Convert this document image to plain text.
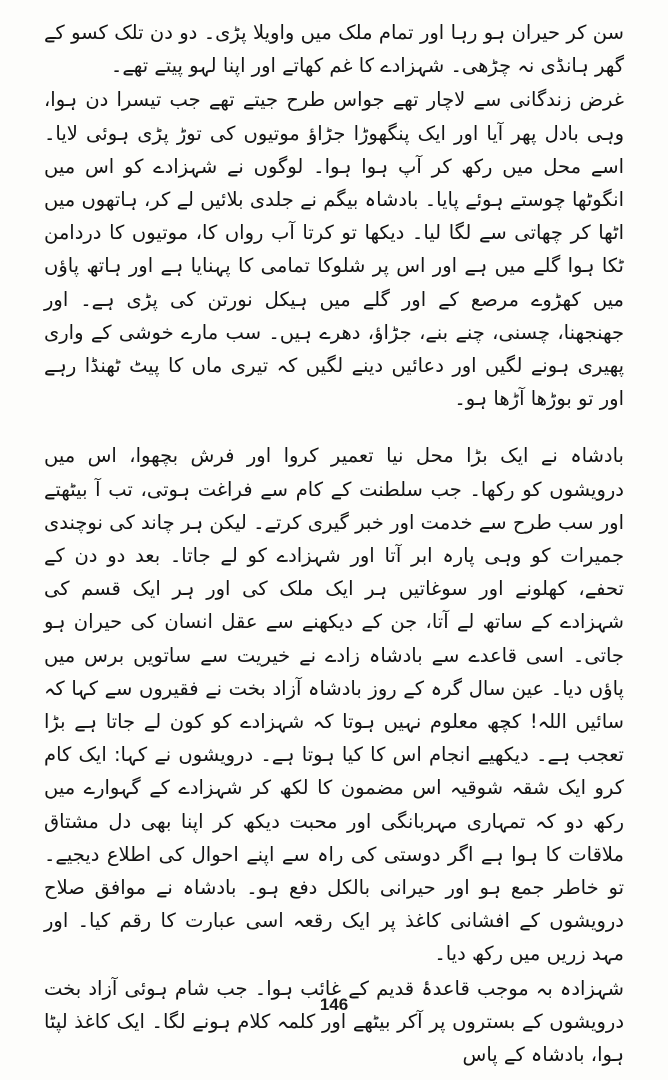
سن کر حیران ہو رہا اور تمام ملک میں واویلا پڑی۔ دو دن تلک کسو کے گھر ہانڈی نہ چڑھی۔ شہزادے کا غم کھاتے اور اپنا لہو پیتے تھے۔

غرض زندگانی سے لاچار تھے جواس طرح جیتے تھے جب تیسرا دن ہوا، وہی بادل پھر آیا اور ایک پنگھوڑا جڑاؤ موتیوں کی توڑ پڑی ہوئی لایا۔ اسے محل میں رکھ کر آپ ہوا ہوا۔ لوگوں نے شہزادے کو اس میں انگوٹھا چوستے ہوئے پایا۔ بادشاہ بیگم نے جلدی بلائیں لے کر، ہاتھوں میں اٹھا کر چھاتی سے لگا لیا۔ دیکھا تو کرتا آب رواں کا، موتیوں کا دردامن ٹکا ہوا گلے میں ہے اور اس پر شلوکا تمامی کا پہنایا ہے اور ہاتھ پاؤں میں کھڑوے مرصع کے اور گلے میں ہیکل نورتن کی پڑی ہے۔ اور جھنجھنا، چسنی، چنے بنے، جڑاؤ، دھرے ہیں۔ سب مارے خوشی کے واری پھیری ہونے لگیں اور دعائیں دینے لگیں کہ تیری ماں کا پیٹ ٹھنڈا رہے اور تو بوڑھا آڑھا ہو۔

بادشاہ نے ایک بڑا محل نیا تعمیر کروا اور فرش بچھوا، اس میں درویشوں کو رکھا۔ جب سلطنت کے کام سے فراغت ہوتی، تب آ بیٹھتے اور سب طرح سے خدمت اور خبر گیری کرتے۔ لیکن ہر چاند کی نوچندی جمیرات کو وہی پارہ ابر آتا اور شہزادے کو لے جاتا۔ بعد دو دن کے تحفے، کھلونے اور سوغاتیں ہر ایک ملک کی اور ہر ایک قسم کی شہزادے کے ساتھ لے آتا، جن کے دیکھنے سے عقل انسان کی حیران ہو جاتی۔ اسی قاعدے سے بادشاہ زادے نے خیریت سے ساتویں برس میں پاؤں دیا۔ عین سال گرہ کے روز بادشاہ آزاد بخت نے فقیروں سے کہا کہ سائیں اللہ! کچھ معلوم نہیں ہوتا کہ شہزادے کو کون لے جاتا ہے بڑا تعجب ہے۔ دیکھیے انجام اس کا کیا ہوتا ہے۔ درویشوں نے کہا: ایک کام کرو ایک شقہ شوقیہ اس مضمون کا لکھ کر شہزادے کے گہوارے میں رکھ دو کہ تمہاری مہربانگی اور محبت دیکھ کر اپنا بھی دل مشتاق ملاقات کا ہوا ہے اگر دوستی کی راہ سے اپنے احوال کی اطلاع دیجیے۔ تو خاطر جمع ہو اور حیرانی بالکل دفع ہو۔ بادشاہ نے موافق صلاح درویشوں کے افشانی کاغذ پر ایک رقعہ اسی عبارت کا رقم کیا۔ اور مہد زریں میں رکھ دیا۔

شہزادہ بہ موجب قاعدۂ قدیم کے غائب ہوا۔ جب شام ہوئی آزاد بخت درویشوں کے بستروں پر آکر بیٹھے اور کلمہ کلام ہونے لگا۔ ایک کاغذ لپٹا ہوا، بادشاہ کے پاس

146
